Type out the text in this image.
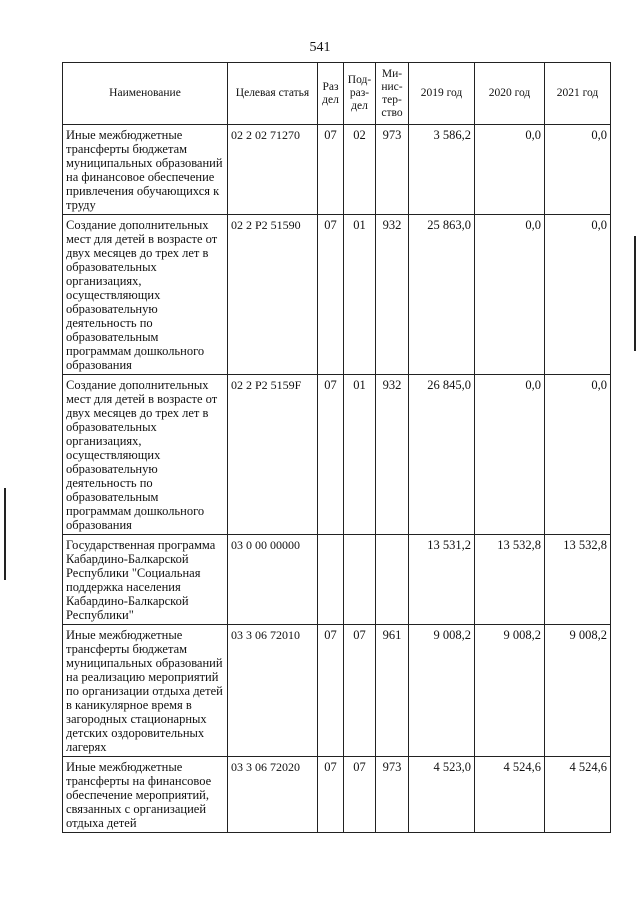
541
Наименование	Целевая статья	Раз дел	Под-раз-дел	Ми-нис-тер-ство	2019 год	2020 год	2021 год
Иные межбюджетные трансферты бюджетам муниципальных образований на финансовое обеспечение привлечения обучающихся к труду	02 2 02 71270	07	02	973	3 586,2	0,0	0,0
Создание дополнительных мест для детей в возрасте от двух месяцев до трех лет в образовательных организациях, осуществляющих образовательную деятельность по образовательным программам дошкольного образования	02 2 P2 51590	07	01	932	25 863,0	0,0	0,0
Создание дополнительных мест для детей в возрасте от двух месяцев до трех лет в образовательных организациях, осуществляющих образовательную деятельность по образовательным программам дошкольного образования	02 2 P2 5159F	07	01	932	26 845,0	0,0	0,0
Государственная программа Кабардино-Балкарской Республики "Социальная поддержка населения Кабардино-Балкарской Республики"	03 0 00 00000				13 531,2	13 532,8	13 532,8
Иные межбюджетные трансферты бюджетам муниципальных образований на реализацию мероприятий по организации отдыха детей в каникулярное время в загородных стационарных детских оздоровительных лагерях	03 3 06 72010	07	07	961	9 008,2	9 008,2	9 008,2
Иные межбюджетные трансферты на финансовое обеспечение мероприятий, связанных с организацией отдыха детей	03 3 06 72020	07	07	973	4 523,0	4 524,6	4 524,6
